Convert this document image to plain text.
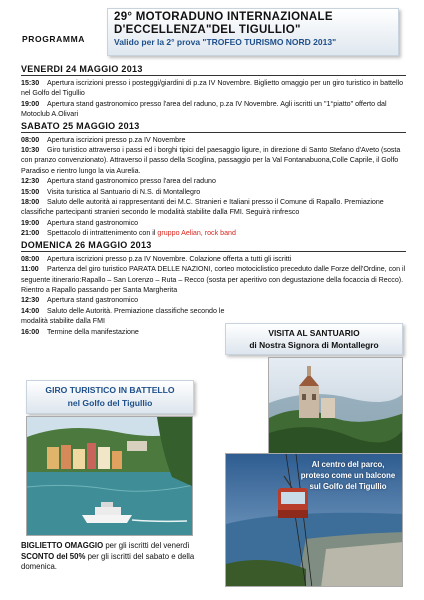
PROGRAMMA
29° MOTORADUNO INTERNAZIONALE
D'ECCELLENZA"DEL TIGULLIO"
Valido per la 2° prova "TROFEO TURISMO NORD 2013"
VENERDI 24 MAGGIO 2013
15:30 Apertura iscrizioni presso i posteggi/giardini di p.za IV Novembre. Biglietto omaggio per un giro turistico in battello nel Golfo del Tigullio
19:00 Apertura stand gastronomico presso l'area del raduno, p.za IV Novembre. Agli iscritti un "1°piatto" offerto dal Motoclub A.Olivari
SABATO 25 MAGGIO 2013
08:00 Apertura iscrizioni presso p.za IV Novembre
10:30 Giro turistico attraverso i passi ed i borghi tipici del paesaggio ligure, in direzione di Santo Stefano d'Aveto (sosta con pranzo convenzionato). Attraverso il passo della Scoglina, passaggio per la Val Fontanabuona,Colle Caprile, il Golfo Paradiso e rientro lungo la via Aurelia.
12:30 Apertura stand gastronomico presso l'area del raduno
15:00 Visita turistica al Santuario di N.S. di Montallegro
18:00 Saluto delle autorità ai rappresentanti dei M.C. Stranieri e Italiani presso il Comune di Rapallo. Premiazione classifiche partecipanti stranieri secondo le modalità stabilite dalla FMI. Seguirà rinfresco
19:00 Apertura stand gastronomico
21:00 Spettacolo di intrattenimento con il gruppo Aelian, rock band
DOMENICA 26 MAGGIO 2013
08:00 Apertura iscrizioni presso p.za IV Novembre. Colazione offerta a tutti gli iscritti
11:00 Partenza del giro turistico PARATA DELLE NAZIONI, corteo motociclistico preceduto dalle Forze dell'Ordine, con il seguente itinerario:Rapallo – San Lorenzo – Ruta – Recco (sosta per aperitivo con degustazione della focaccia di Recco). Rientro a Rapallo passando per Santa Margherita
12:30 Apertura stand gastronomico
14:00 Saluto delle Autorità. Premiazione classifiche secondo le modalità stabilite dalla FMI
16:00 Termine della manifestazione	VISITA AL SANTUARIO
di Nostra Signora di Montallegro
GIRO TURISTICO IN BATTELLO
nel Golfo del Tigullio
Al centro del parco,
proteso come un balcone
sul Golfo del Tigullio
BIGLIETTO OMAGGIO per gli iscritti del venerdì
SCONTO del 50% per gli iscritti del sabato e della domenica.
